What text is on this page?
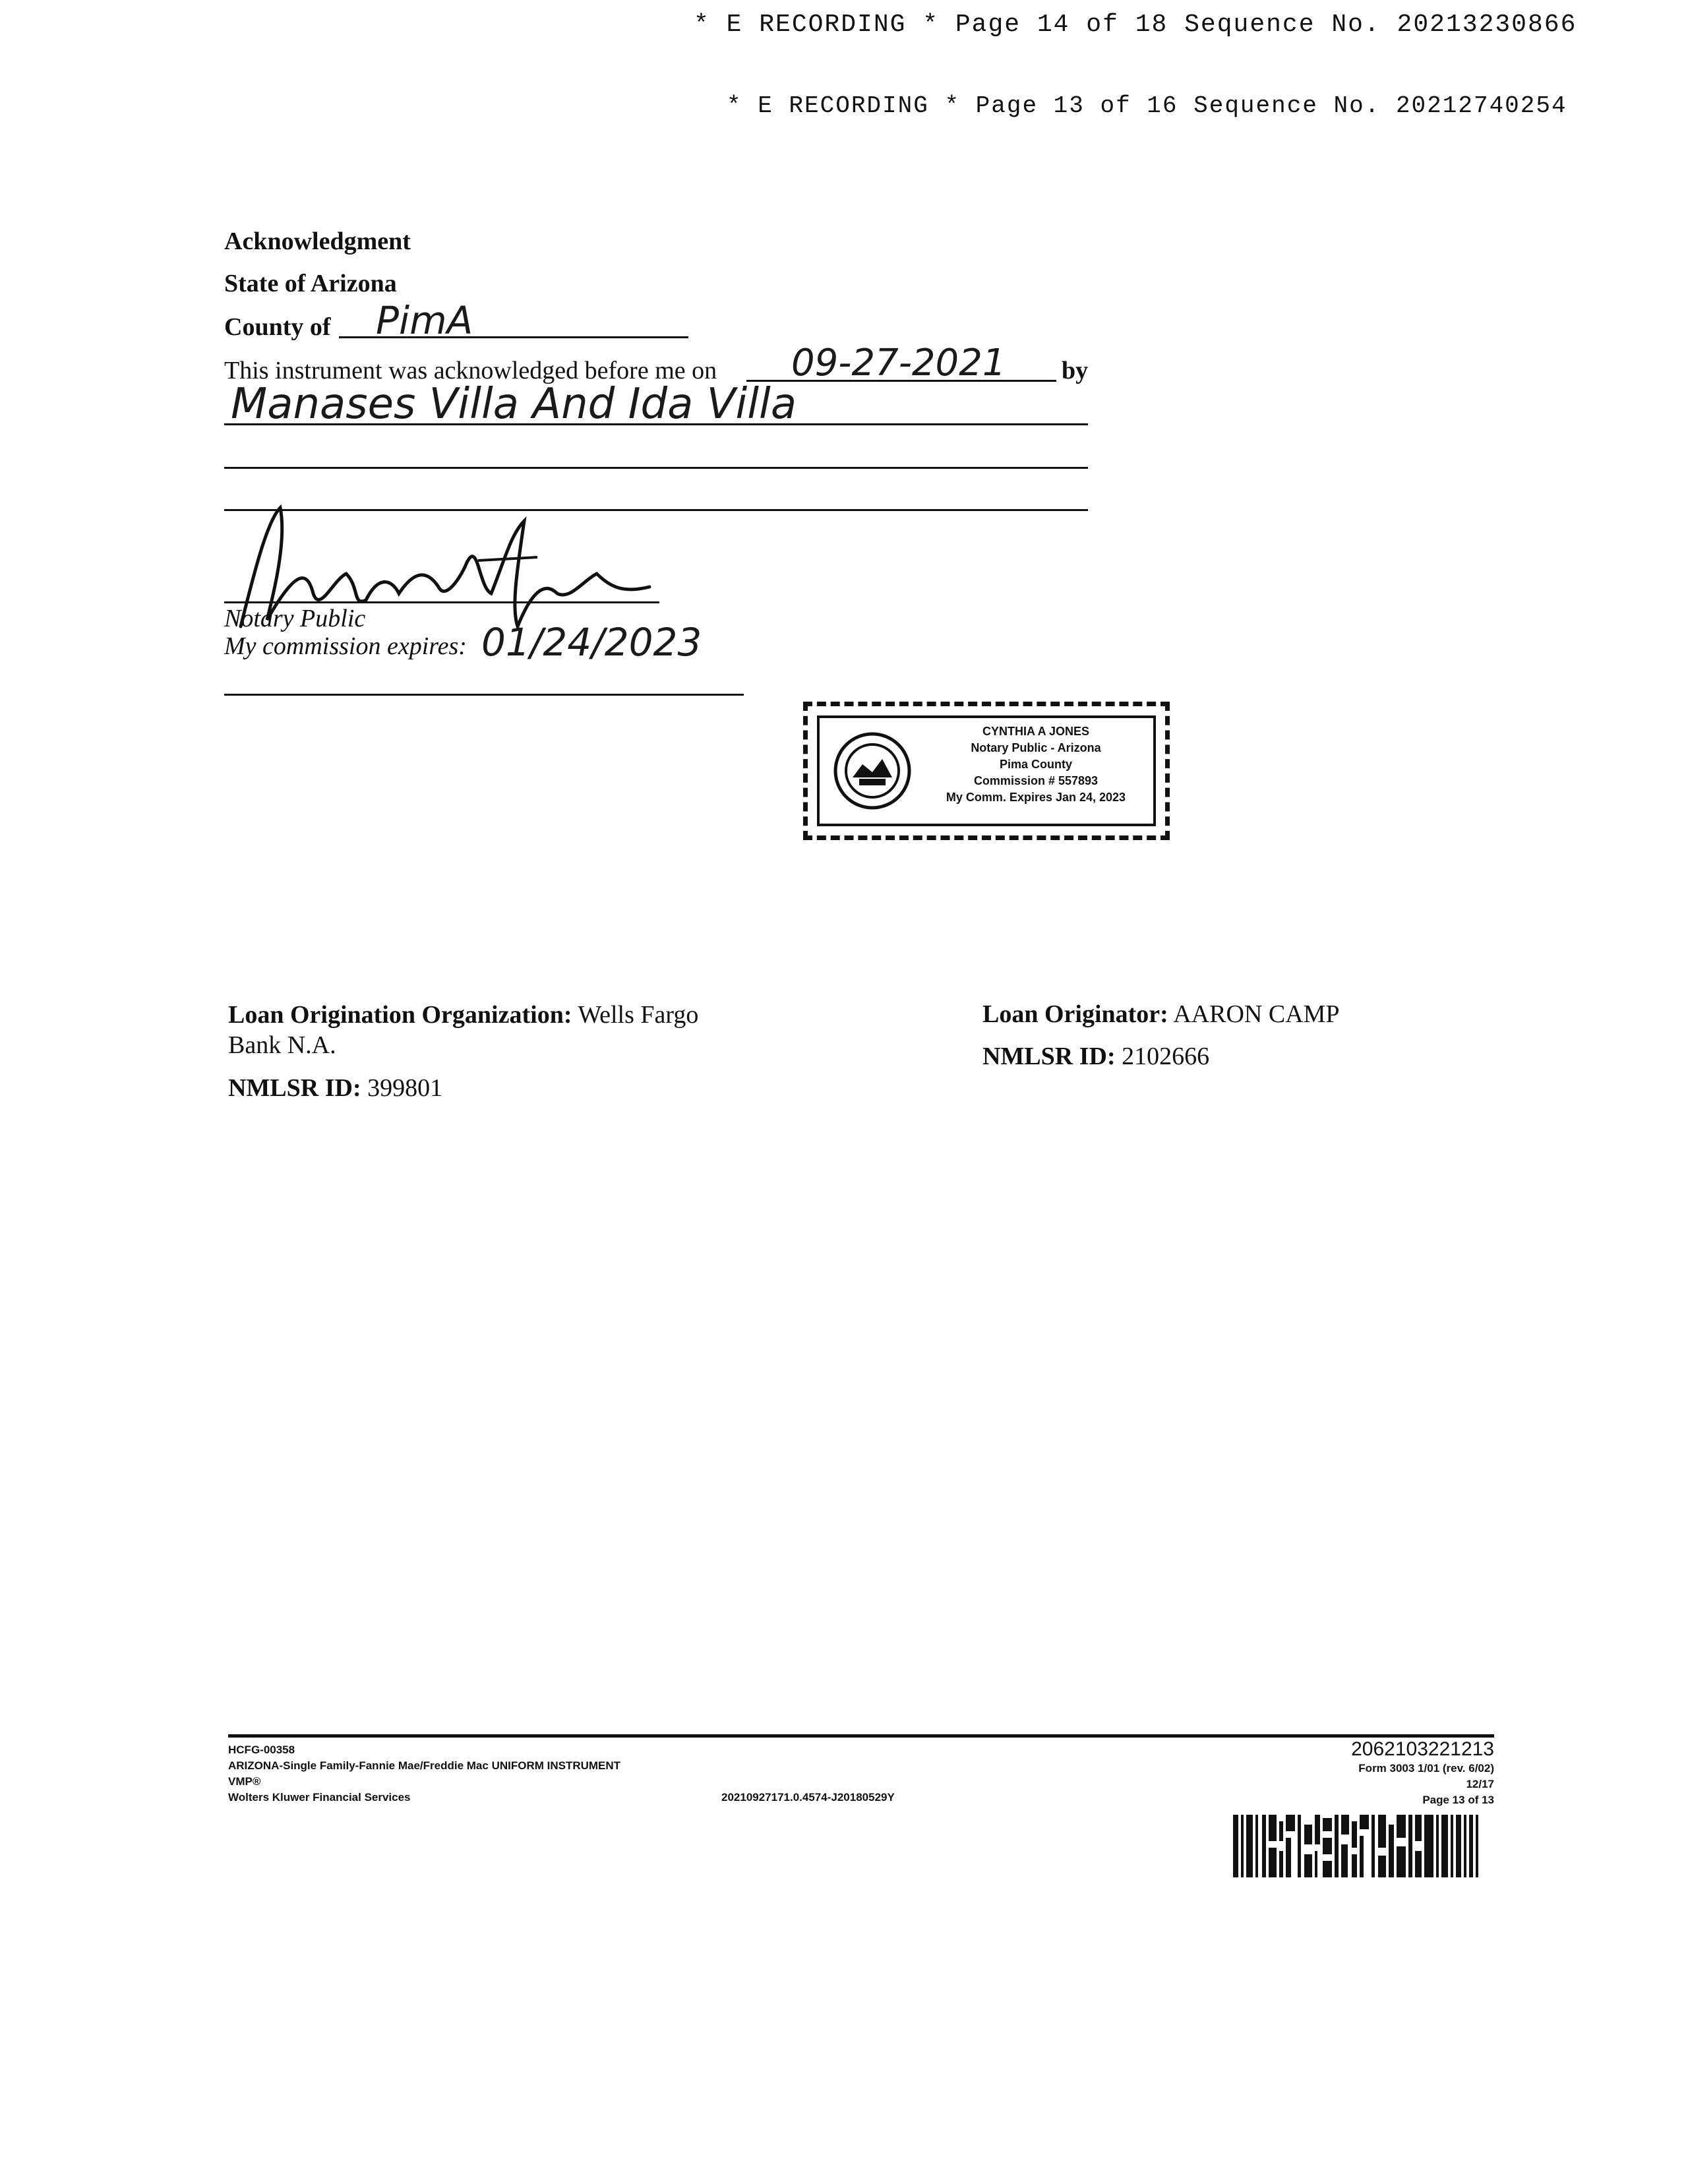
* E RECORDING * Page 14 of 18 Sequence No. 20213230866
* E RECORDING * Page 13 of 16 Sequence No. 20212740254
Acknowledgment
State of Arizona
County of PimA
This instrument was acknowledged before me on 09-27-2021 by
Manases Villa And Ida Villa
Notary Public
My commission expires: 01/24/2023
CYNTHIA A JONES
Notary Public - Arizona
Pima County
Commission # 557893
My Comm. Expires Jan 24, 2023
Loan Origination Organization: Wells Fargo Bank N.A.
NMLSR ID: 399801
Loan Originator: AARON CAMP
NMLSR ID: 2102666
HCFG-00358
ARIZONA-Single Family-Fannie Mae/Freddie Mac UNIFORM INSTRUMENT
VMP®
Wolters Kluwer Financial Services	20210927171.0.4574-J20180529Y
2062103221213
Form 3003 1/01 (rev. 6/02)
12/17
Page 13 of 13
